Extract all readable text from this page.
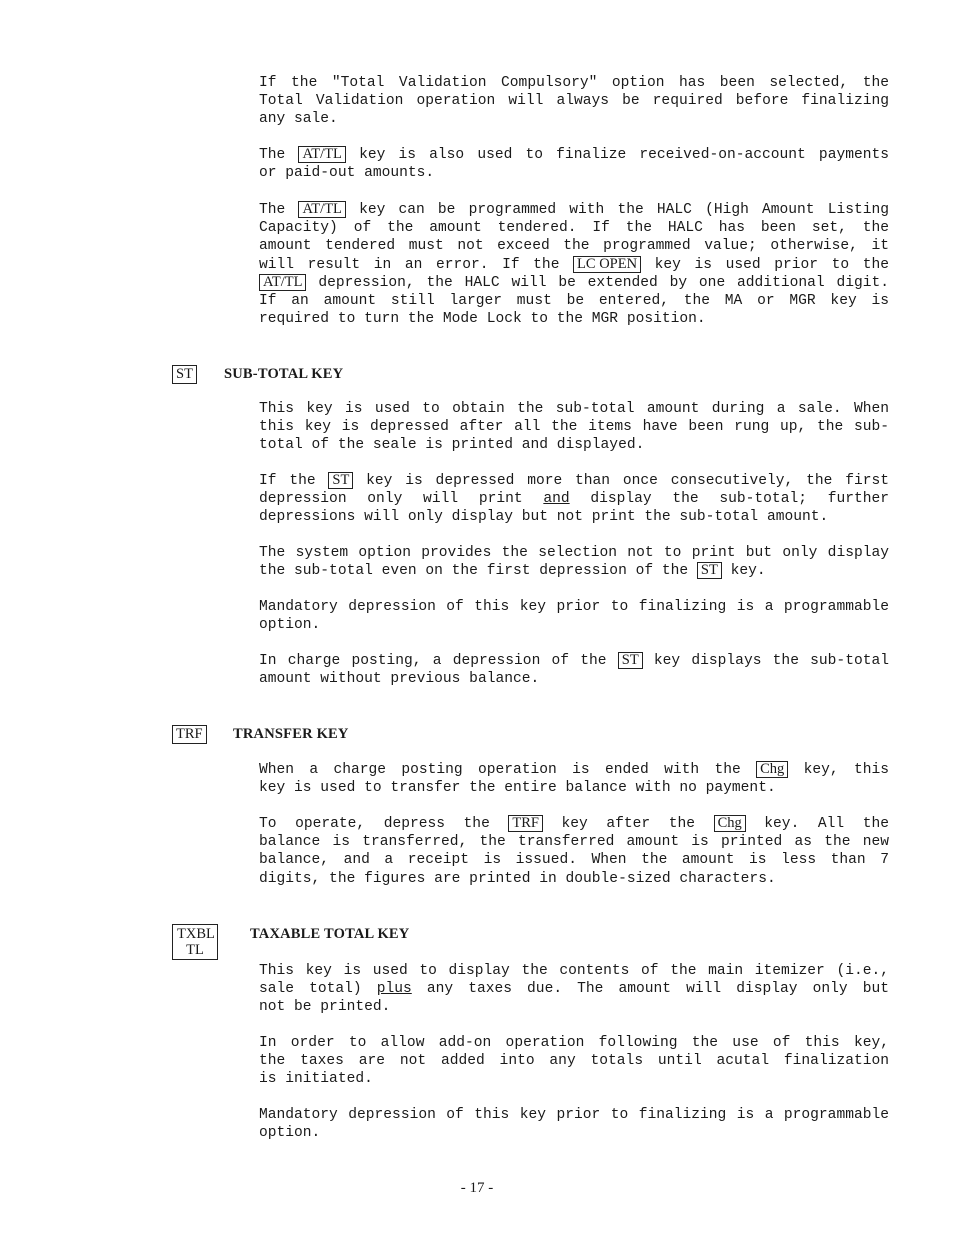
If the "Total Validation Compulsory" option has been selected, the
Total Validation operation will always be required before finalizing
any sale.
The AT/TL key is also used to finalize received-on-account payments
or paid-out amounts.
The AT/TL key can be programmed with the HALC (High Amount Listing
Capacity) of the amount tendered. If the HALC has been set, the
amount tendered must not exceed the programmed value; otherwise, it
will result in an error. If the LC OPEN key is used prior to the
AT/TL depression, the HALC will be extended by one additional digit.
If an amount still larger must be entered, the MA or MGR key is
required to turn the Mode Lock to the MGR position.
ST SUB-TOTAL KEY
This key is used to obtain the sub-total amount during a sale. When
this key is depressed after all the items have been rung up, the sub-
total of the seale is printed and displayed.
If the ST key is depressed more than once consecutively, the first
depression only will print and display the sub-total; further
depressions will only display but not print the sub-total amount.
The system option provides the selection not to print but only display
the sub-total even on the first depression of the ST key.
Mandatory depression of this key prior to finalizing is a programmable
option.
In charge posting, a depression of the ST key displays the sub-total
amount without previous balance.
TRF TRANSFER KEY
When a charge posting operation is ended with the Chg key, this
key is used to transfer the entire balance with no payment.
To operate, depress the TRF key after the Chg key. All the
balance is transferred, the transferred amount is printed as the new
balance, and a receipt is issued. When the amount is less than 7
digits, the figures are printed in double-sized characters.
TXBL
TL
TAXABLE TOTAL KEY
This key is used to display the contents of the main itemizer (i.e.,
sale total) plus any taxes due. The amount will display only but
not be printed.
In order to allow add-on operation following the use of this key,
the taxes are not added into any totals until acutal finalization
is initiated.
Mandatory depression of this key prior to finalizing is a programmable
option.
- 17 -
